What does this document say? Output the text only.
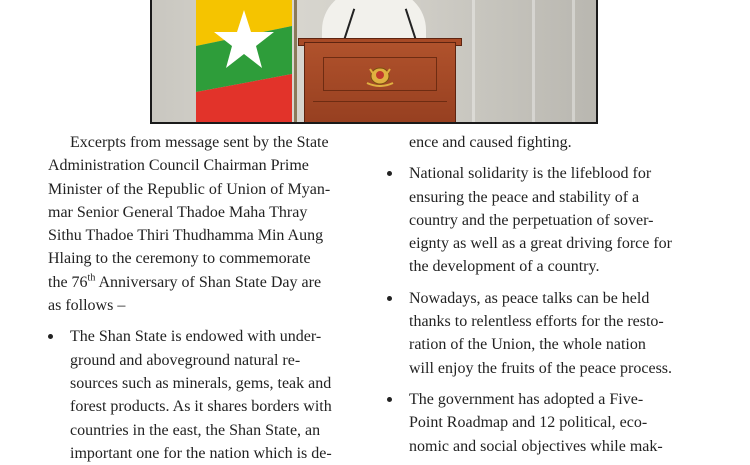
Excerpts from message sent by the State

Administration Council Chairman Prime

Minister of the Republic of Union of Myan-

mar Senior General Thadoe Maha Thray

Sithu Thadoe Thiri Thudhamma Min Aung

Hlaing to the ceremony to commemorate

the 76th Anniversary of Shan State Day are

as follows –

The Shan State is endowed with under-

ground and aboveground natural re-

sources such as minerals, gems, teak and

forest products. As it shares borders with

countries in the east, the Shan State, an

important one for the nation which is de-

ence and caused fighting.

National solidarity is the lifeblood for

ensuring the peace and stability of a

country and the perpetuation of sover-

eignty as well as a great driving force for

the development of a country.

Nowadays, as peace talks can be held

thanks to relentless efforts for the resto-

ration of the Union, the whole nation

will enjoy the fruits of the peace process.

The government has adopted a Five-

Point Roadmap and 12 political, eco-

nomic and social objectives while mak-
